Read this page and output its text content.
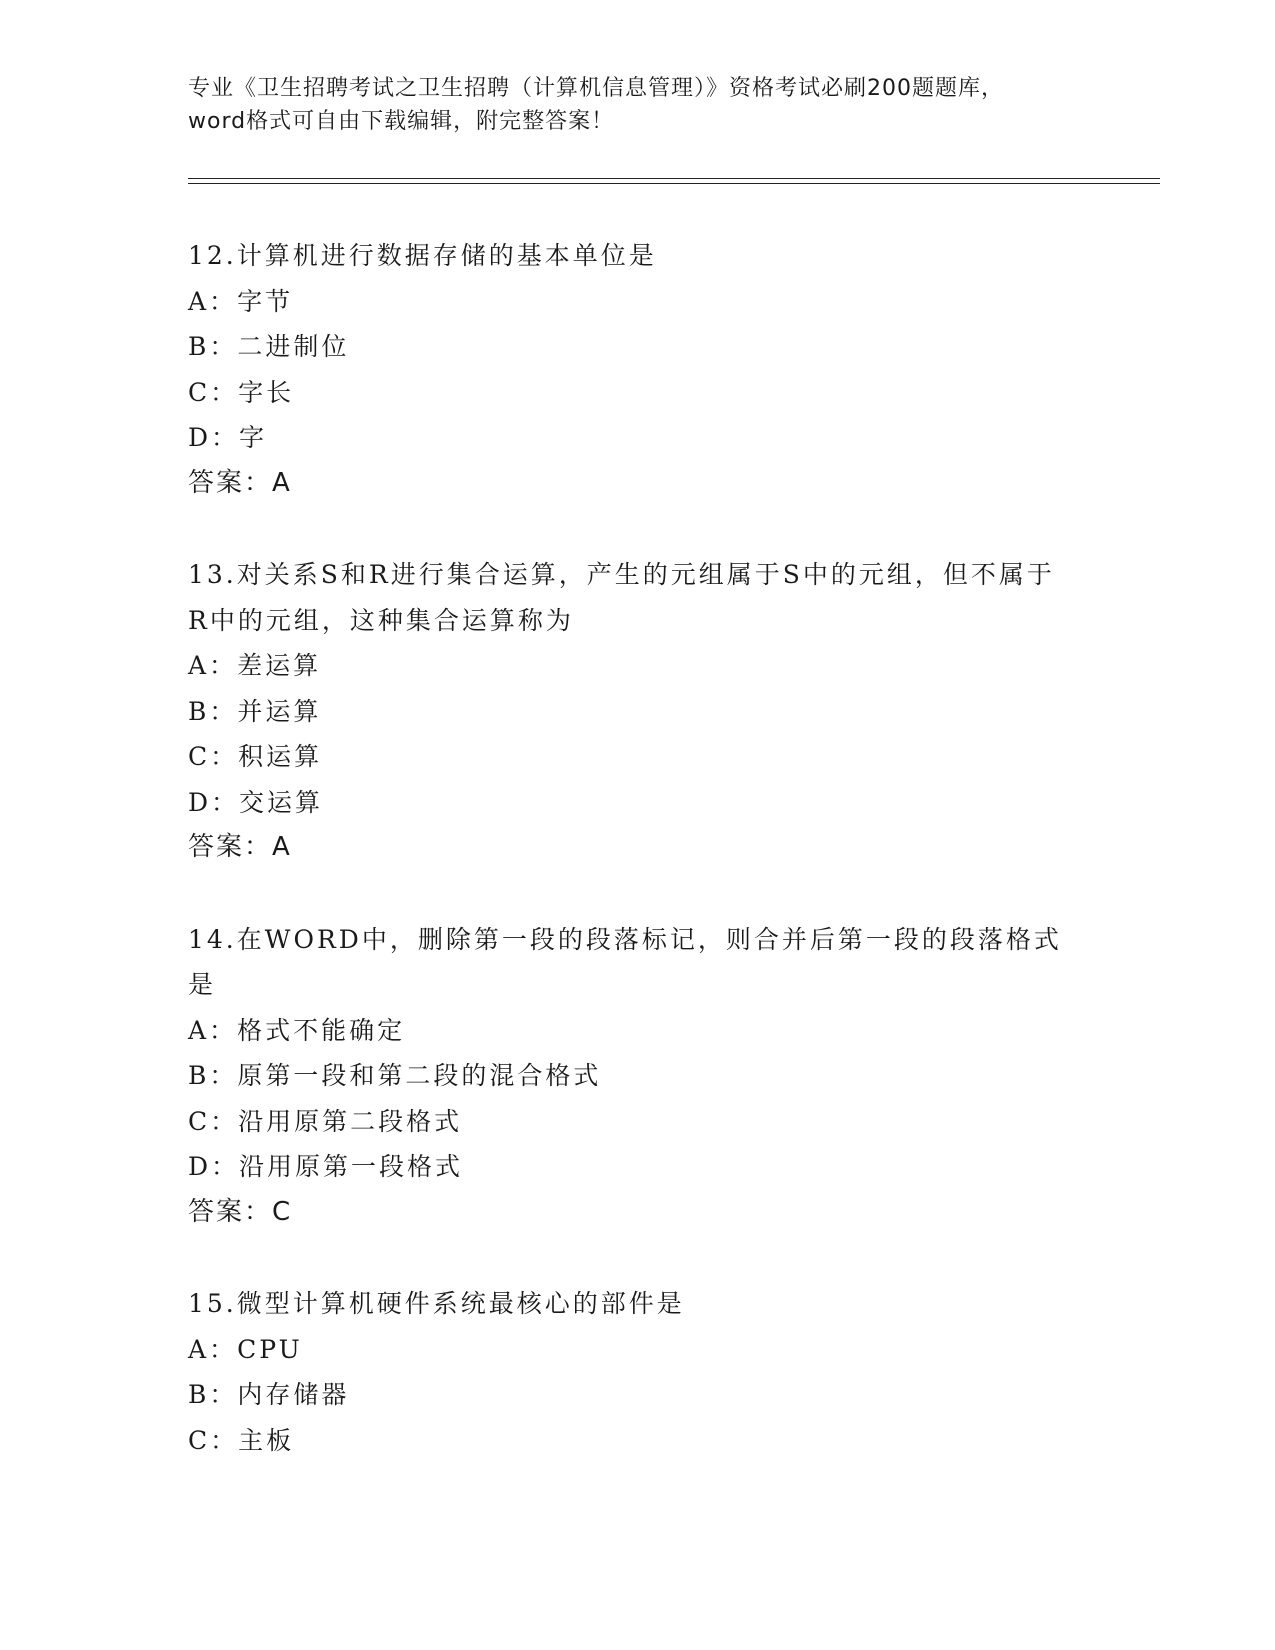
专业《卫生招聘考试之卫生招聘（计算机信息管理）》资格考试必刷200题题库，
word格式可自由下载编辑，附完整答案！
12.计算机进行数据存储的基本单位是
A：字节
B：二进制位
C：字长
D：字
答案：A
13.对关系S和R进行集合运算，产生的元组属于S中的元组，但不属于R中的元组，这种集合运算称为
A：差运算
B：并运算
C：积运算
D：交运算
答案：A
14.在WORD中，删除第一段的段落标记，则合并后第一段的段落格式是
A：格式不能确定
B：原第一段和第二段的混合格式
C：沿用原第二段格式
D：沿用原第一段格式
答案：C
15.微型计算机硬件系统最核心的部件是
A：CPU
B：内存储器
C：主板
